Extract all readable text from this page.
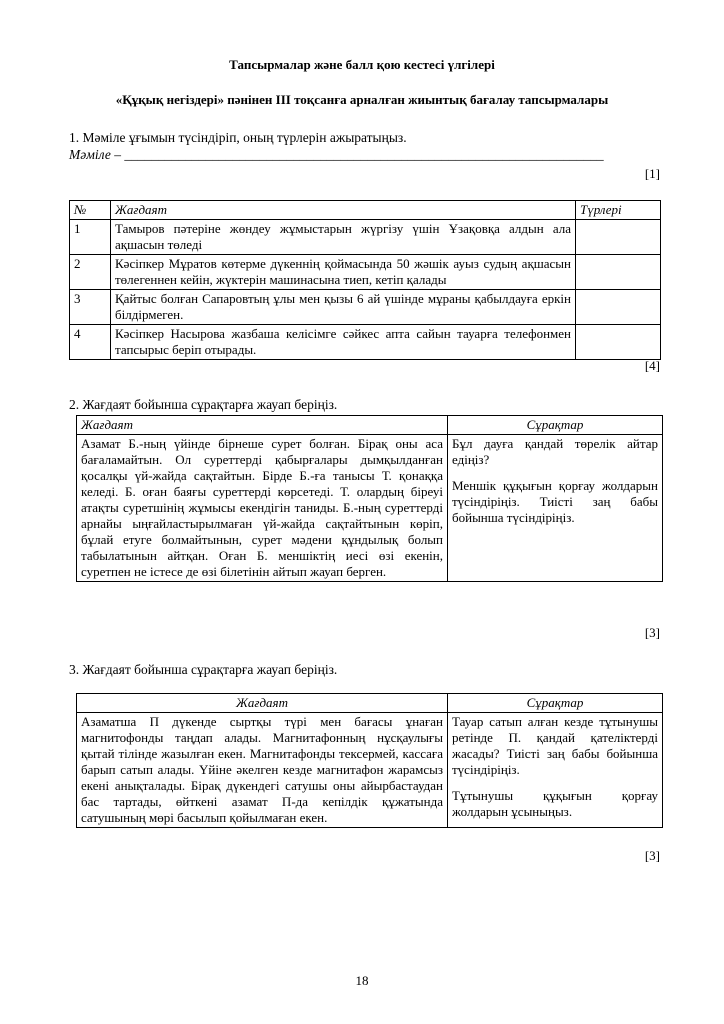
Тапсырмалар және балл қою кестесі үлгілері
«Құқық негіздері» пәнінен III тоқсанға арналған жиынтық бағалау тапсырмалары
1. Мәміле ұғымын түсіндіріп, оның түрлерін ажыратыңыз.
Мәміле – _______________________________________________________________________
[1]
№	Жағдаят	Түрлері
1	Тамыров пәтеріне жөндеу жұмыстарын жүргізу үшін Ұзақовқа алдын ала ақшасын төледі	
2	Кәсіпкер Мұратов көтерме дүкеннің қоймасында 50 жәшік ауыз судың ақшасын төлегеннен кейін, жүктерін машинасына тиеп, кетіп қалады	
3	Қайтыс болған Сапаровтың ұлы мен қызы 6 ай үшінде мұраны қабылдауға еркін білдірмеген.	
4	Кәсіпкер Насырова жазбаша келісімге сәйкес апта сайын тауарға телефонмен тапсырыс беріп отырады.	
[4]
2. Жағдаят бойынша сұрақтарға жауап беріңіз.
Жағдаят	Сұрақтар
Азамат Б.-ның үйінде бірнеше сурет болған. Бірақ оны аса бағаламайтын. Ол суреттерді қабырғалары дымқылданған қосалқы үй-жайда сақтайтын. Бірде Б.-ға танысы Т. қонаққа келеді. Б. оған баяғы суреттерді көрсетеді. Т. олардың біреуі атақты суретшінің жұмысы екендігін таниды. Б.-ның суреттерді арнайы ыңғайластырылмаған үй-жайда сақтайтынын көріп, бұлай етуге болмайтынын, сурет мәдени құндылық болып табылатынын айтқан. Оған Б. меншіктің иесі өзі екенін, суретпен не істесе де өзі білетінін айтып жауап берген.	Бұл дауға қандай төрелік айтар едіңіз?
Меншік құқығын қорғау жолдарын түсіндіріңіз. Тиісті заң бабы бойынша түсіндіріңіз.
[3]
3. Жағдаят бойынша сұрақтарға жауап беріңіз.
Жағдаят	Сұрақтар
Азаматша П дүкенде сыртқы түрі мен бағасы ұнаған магнитофонды таңдап алады. Магнитафонның нұсқаулығы қытай тілінде жазылған екен. Магнитафонды тексермей, кассаға барып сатып алады. Үйіне әкелген кезде магнитафон жарамсыз екені анықталады. Бірақ дүкендегі сатушы оны айырбастаудан бас тартады, өйткені азамат П-да кепілдік құжатында сатушының мөрі басылып қойылмаған екен.	Тауар сатып алған кезде тұтынушы ретінде П. қандай қателіктерді жасады? Тиісті заң бабы бойынша түсіндіріңіз.
Тұтынушы құқығын қорғау жолдарын ұсыныңыз.
[3]
18
